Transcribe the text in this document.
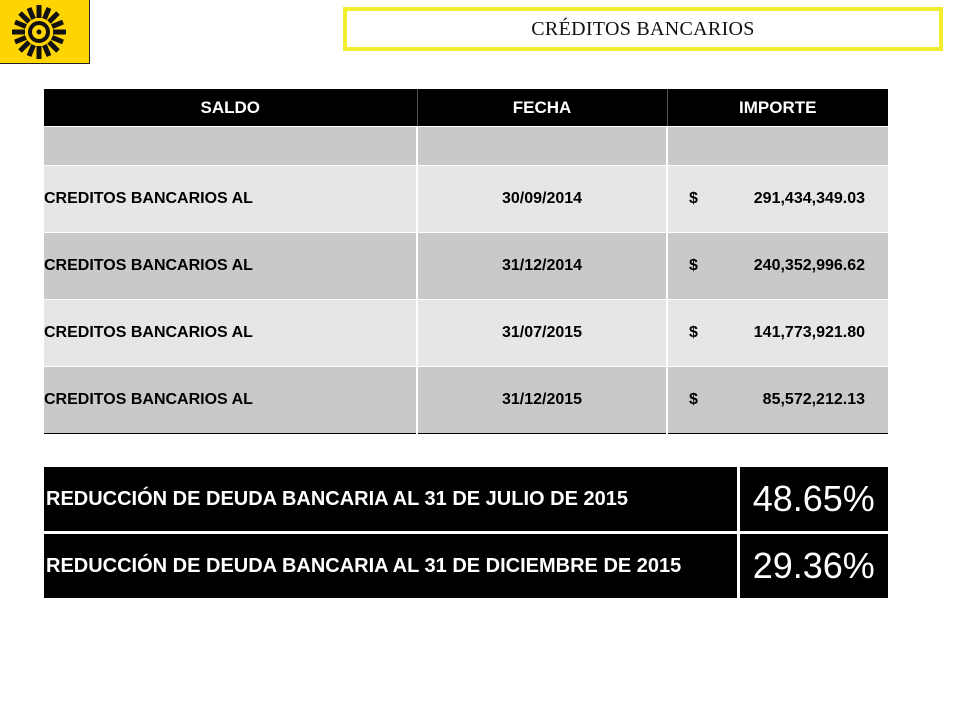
CRÉDITOS BANCARIOS
SALDO	FECHA	IMPORTE

CREDITOS BANCARIOS AL	30/09/2014	$ 291,434,349.03

CREDITOS BANCARIOS AL	31/12/2014	$ 240,352,996.62

CREDITOS BANCARIOS AL	31/07/2015	$ 141,773,921.80

CREDITOS BANCARIOS AL	31/12/2015	$ 85,572,212.13
REDUCCIÓN DE DEUDA BANCARIA AL 31 DE JULIO DE 2015	48.65%
REDUCCIÓN DE DEUDA BANCARIA AL 31 DE DICIEMBRE DE 2015	29.36%
